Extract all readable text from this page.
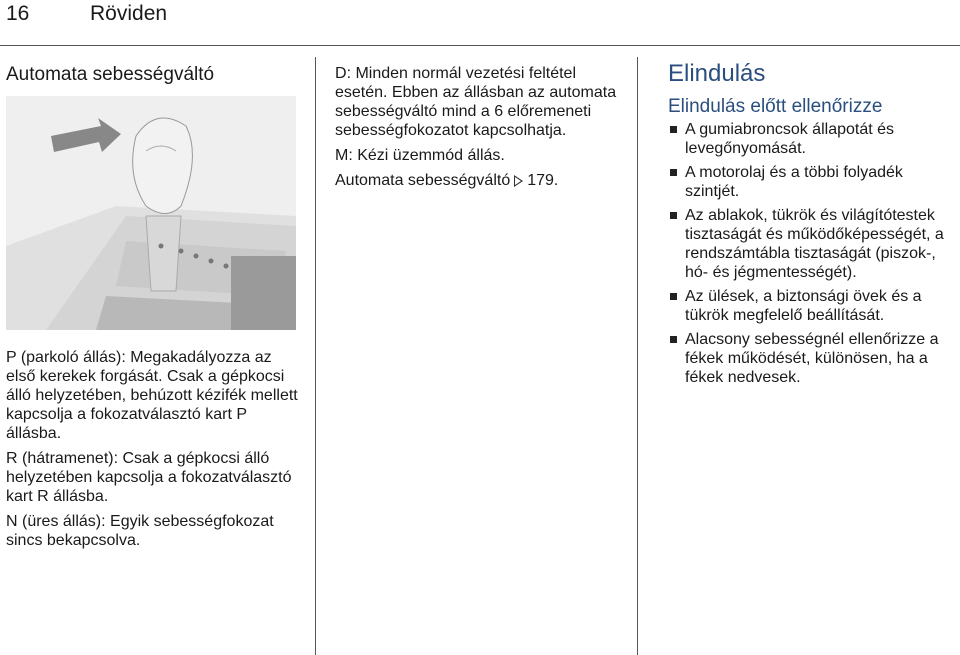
16	Röviden
Automata sebességváltó

P (parkoló állás): Megakadályozza az első kerekek forgását. Csak a gépkocsi álló helyzetében, behúzott kézifék mellett kapcsolja a fokozatválasztó kart P állásba.

R (hátramenet): Csak a gépkocsi álló helyzetében kapcsolja a fokozatválasztó kart R állásba.

N (üres állás): Egyik sebességfokozat sincs bekapcsolva.

D: Minden normál vezetési feltétel esetén. Ebben az állásban az automata sebességváltó mind a 6 előremeneti sebességfokozatot kapcsolhatja.

M: Kézi üzemmód állás.

Automata sebességváltó 179.

Elindulás
Elindulás előtt ellenőrizze
A gumiabroncsok állapotát és levegőnyomását.
A motorolaj és a többi folyadék szintjét.
Az ablakok, tükrök és világítótestek tisztaságát és működőképességét, a rendszámtábla tisztaságát (piszok-, hó- és jégmentességét).
Az ülések, a biztonsági övek és a tükrök megfelelő beállítását.
Alacsony sebességnél ellenőrizze a fékek működését, különösen, ha a fékek nedvesek.
